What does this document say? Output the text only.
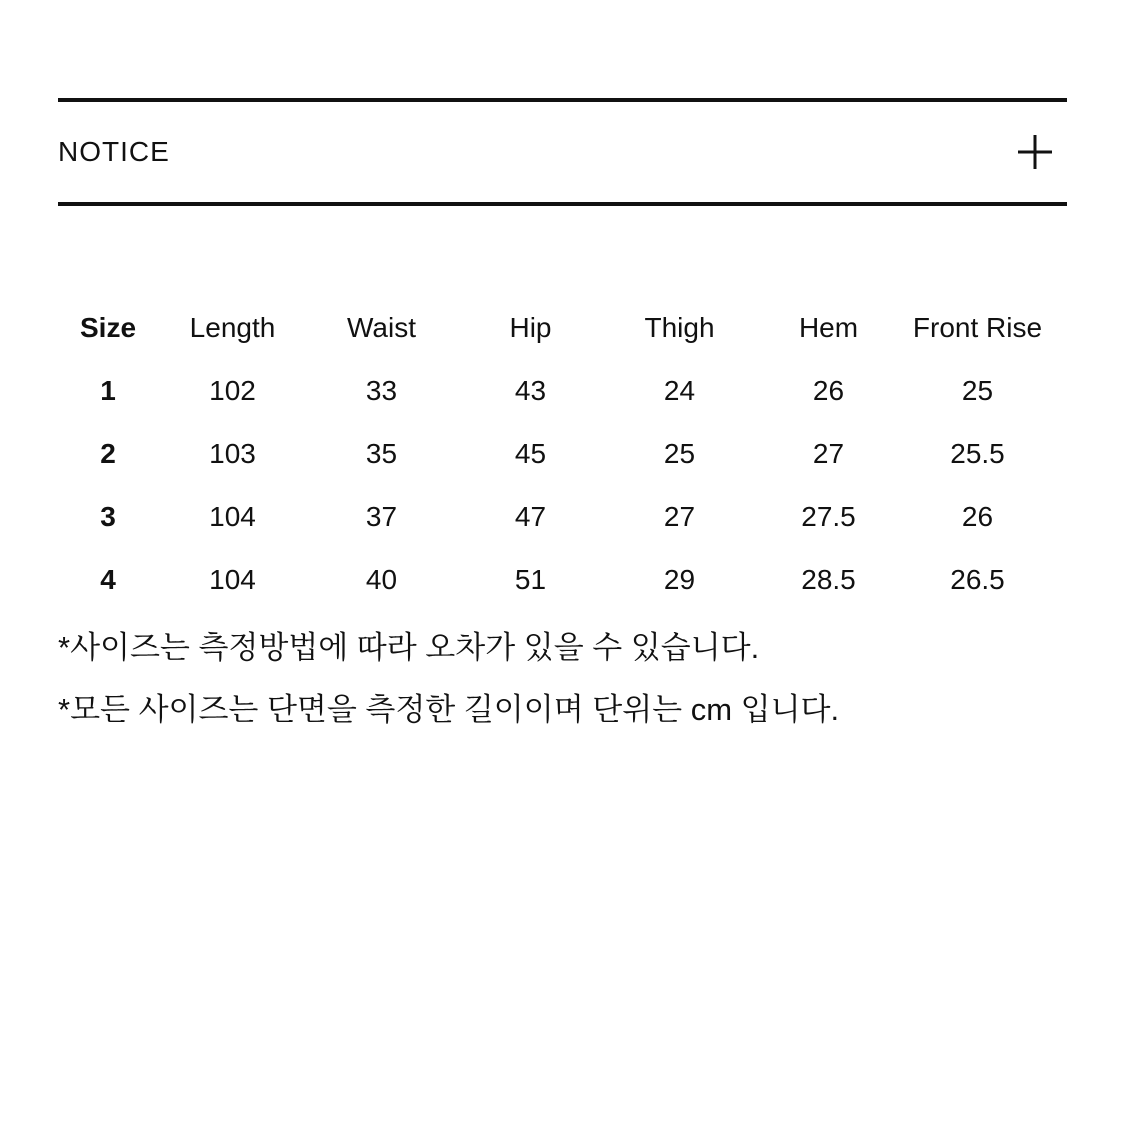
NOTICE
Size	Length	Waist	Hip	Thigh	Hem	Front Rise
1	102	33	43	24	26	25
2	103	35	45	25	27	25.5
3	104	37	47	27	27.5	26
4	104	40	51	29	28.5	26.5
*사이즈는 측정방법에 따라 오차가 있을 수 있습니다.
*모든 사이즈는 단면을 측정한 길이이며 단위는 cm 입니다.
